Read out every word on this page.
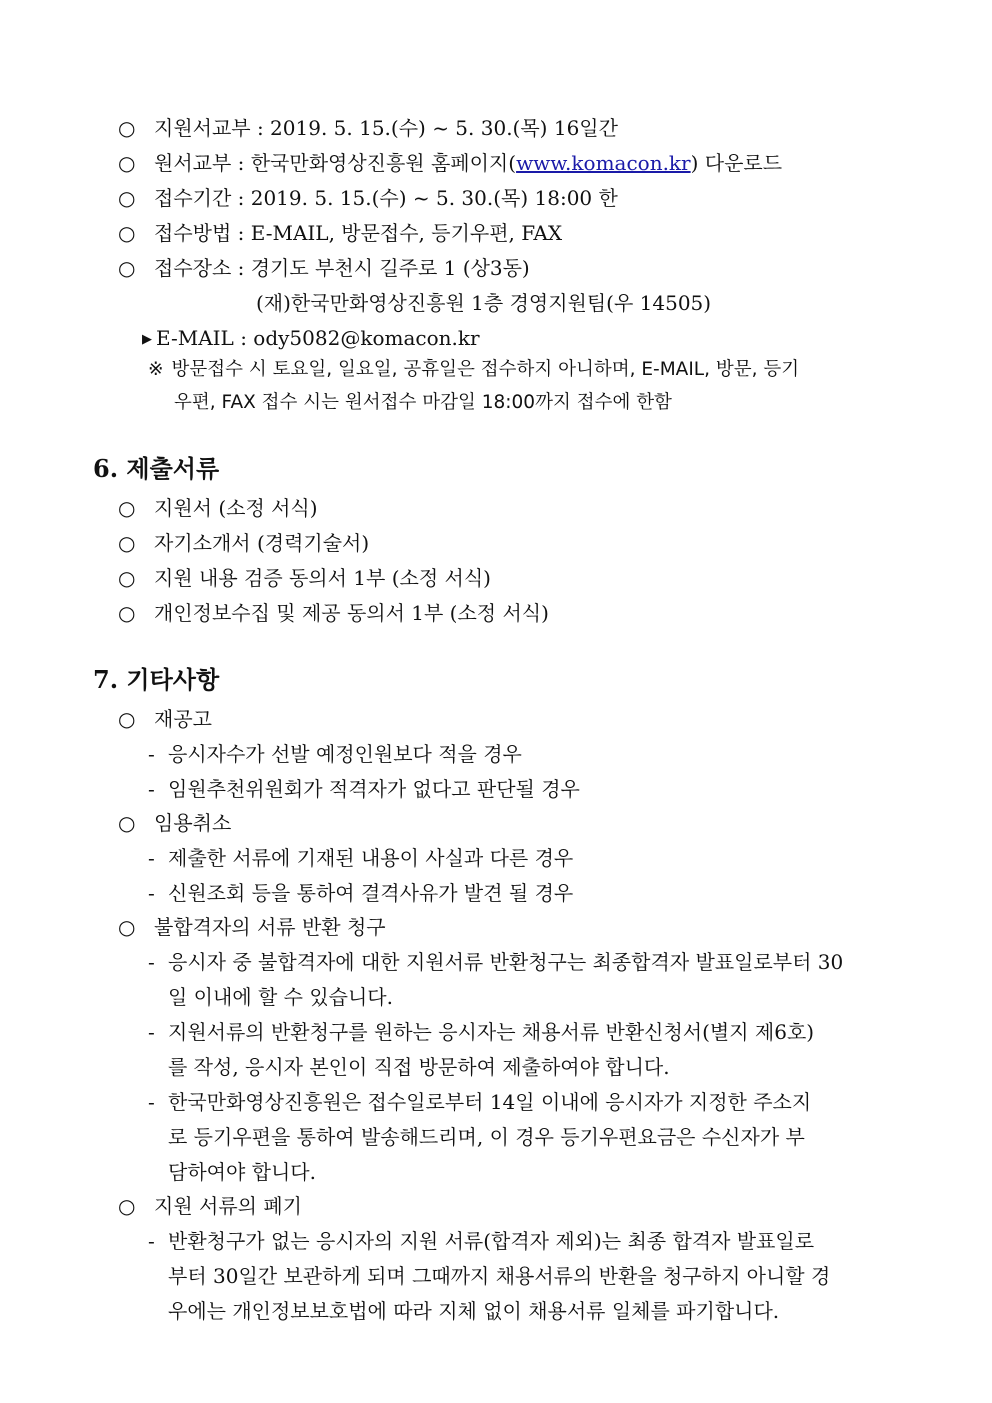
○ 지원서교부 : 2019. 5. 15.(수) ~ 5. 30.(목) 16일간
○ 원서교부 : 한국만화영상진흥원 홈페이지(www.komacon.kr) 다운로드
○ 접수기간 : 2019. 5. 15.(수) ~ 5. 30.(목) 18:00 한
○ 접수방법 : E-MAIL, 방문접수, 등기우편, FAX
○ 접수장소 : 경기도 부천시 길주로 1 (상3동)
(재)한국만화영상진흥원 1층 경영지원팀(우 14505)
▶ E-MAIL : ody5082@komacon.kr
※ 방문접수 시 토요일, 일요일, 공휴일은 접수하지 아니하며, E-MAIL, 방문, 등기
우편, FAX 접수 시는 원서접수 마감일 18:00까지 접수에 한함
6. 제출서류
○ 지원서 (소정 서식)
○ 자기소개서 (경력기술서)
○ 지원 내용 검증 동의서 1부 (소정 서식)
○ 개인정보수집 및 제공 동의서 1부 (소정 서식)
7. 기타사항
○ 재공고
- 응시자수가 선발 예정인원보다 적을 경우
- 임원추천위원회가 적격자가 없다고 판단될 경우
○ 임용취소
- 제출한 서류에 기재된 내용이 사실과 다른 경우
- 신원조회 등을 통하여 결격사유가 발견 될 경우
○ 불합격자의 서류 반환 청구
- 응시자 중 불합격자에 대한 지원서류 반환청구는 최종합격자 발표일로부터 30
일 이내에 할 수 있습니다.
- 지원서류의 반환청구를 원하는 응시자는 채용서류 반환신청서(별지 제6호)
를 작성, 응시자 본인이 직접 방문하여 제출하여야 합니다.
- 한국만화영상진흥원은 접수일로부터 14일 이내에 응시자가 지정한 주소지
로 등기우편을 통하여 발송해드리며, 이 경우 등기우편요금은 수신자가 부
담하여야 합니다.
○ 지원 서류의 폐기
- 반환청구가 없는 응시자의 지원 서류(합격자 제외)는 최종 합격자 발표일로
부터 30일간 보관하게 되며 그때까지 채용서류의 반환을 청구하지 아니할 경
우에는 개인정보보호법에 따라 지체 없이 채용서류 일체를 파기합니다.
